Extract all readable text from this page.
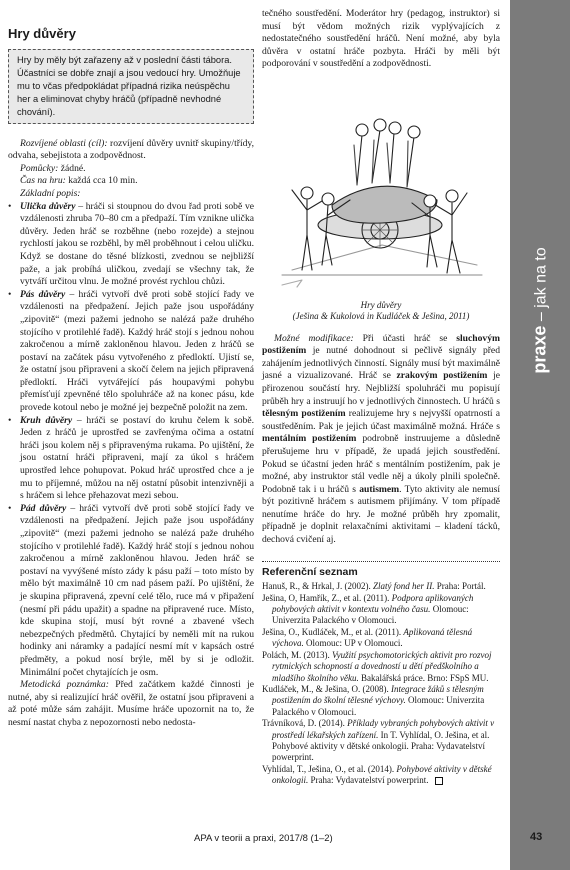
Hry důvěry
Hry by měly být zařazeny až v poslední části tábora. Účastníci se dobře znají a jsou vedoucí hry. Umožňuje mu to včas předpokládat případná rizika neúspěchu her a eliminovat chyby hráčů (případně nevhodné chování).

Rozvíjené oblasti (cíl): rozvíjení důvěry uvnitř skupiny/třídy, odvaha, sebejistota a zodpovědnost.

Pomůcky: žádné.

Čas na hru: každá cca 10 min.

Základní popis:

• Ulička důvěry – hráči si stoupnou do dvou řad proti sobě ve vzdálenosti zhruba 70–80 cm a předpaží. Tím vznikne ulička důvěry. Jeden hráč se rozběhne (nebo rozejde) a stejnou rychlostí jakou se rozběhl, by měl proběhnout i celou uličku. Když se dostane do těsné blízkosti, zvednou se nejbližší paže, a jak probíhá uličkou, zvedají se všechny tak, že vytváří určitou vlnu. Je možné provést rychlou chůzi.
• Pás důvěry – hráči vytvoří dvě proti sobě stojící řady ve vzdálenosti na předpažení. Jejich paže jsou uspořádány „zipovitě“ (mezi pažemi jednoho se nalézá paže druhého stojícího v protilehlé řadě). Každý hráč stojí s jednou nohou zakročenou a mírně zakloněnou hlavou. Jeden z hráčů se postaví na začátek pásu vytvořeného z předloktí. Ujistí se, že ostatní jsou připraveni a skočí čelem na jejich připravená předloktí. Hráči vytvářející pás houpavými pohybu přemísťují zpevněné tělo spoluhráče až na konec pásu, kde provede kotoul nebo je možné jej bezpečně položit na zem.
• Kruh důvěry – hráči se postaví do kruhu čelem k sobě. Jeden z hráčů je uprostřed se zavřenýma očima a ostatní hráči jsou kolem něj s připravenýma rukama. Po ujištění, že jsou ostatní hráči připraveni, mají za úkol s hráčem uprostřed lehce pohupovat. Pokud hráč uprostřed chce a je mu to příjemné, můžou na něj ostatní působit intenzivněji a s hráčem si lehce přehazovat mezi sebou.
• Pád důvěry – hráči vytvoří dvě proti sobě stojící řady ve vzdálenosti na předpažení. Jejich paže jsou uspořádány „zipovitě“ (mezi pažemi jednoho se nalézá paže druhého stojícího v protilehlé řadě). Každý hráč stojí s jednou nohou zakročenou a mírně zakloněnou hlavou. Jeden hráč se postaví na vyvýšené místo zády k pásu paží – toto místo by mělo být maximálně 10 cm nad pásem paží. Po ujištění, že je skupina připravená, zpevní celé tělo, ruce má v připažení (nesmí při pádu upažit) a spadne na připravené ruce. Místo, kde skupina stojí, musí být rovné a zbavené všech nebezpečných předmětů. Chytající by neměli mít na rukou hodinky ani náramky a padající nesmí mít v kapsách ostré předměty, a pokud nosí brýle, měl by si je odložit. Minimální počet chytajících je osm.

Metodická poznámka: Před začátkem každé činnosti je nutné, aby si realizující hráč ověřil, že ostatní jsou připraveni a až poté může sám zahájit. Musíme hráče upozornit na to, že nesmí nastat chyba z nepozornosti nebo nedosta-

tečného soustředění. Moderátor hry (pedagog, instruktor) si musí být vědom možných rizik vyplývajících z nedostatečného soustředění hráčů. Není možné, aby byla důvěra v ostatní hráče pozbyta. Hráči by měli být podporování v soustředění a zodpovědnosti.

Hry důvěry
(Ješina & Kukolová in Kudláček & Ješina, 2011)

Možné modifikace: Při účasti hráč se sluchovým postižením je nutné dohodnout si pečlivě signály před zahájením jednotlivých činností. Signály musí být maximálně jasné a vizualizované. Hráč se zrakovým postižením je přirozenou součástí hry. Nejbližší spoluhráči mu popisují průběh hry a instruují ho v jednotlivých činnostech. U hráčů s tělesným postižením realizujeme hry s nejvyšší opatrností a soustředěním. Pak je jejich účast maximálně možná. Hráče s mentálním postižením podrobně instruujeme a důsledně přerušujeme hru v případě, že upadá jejich soustředění. Pokud se účastní jeden hráč s mentálním postižením, pak je možné, aby instruktor stál vedle něj a úkoly plnili společně. Podobně tak i u hráčů s autismem. Tyto aktivity ale nemusí být pozitivně hráčem s autismem přijímány. V tom případě nenutíme hráče do hry. Je možné průběh hry zpomalit, případně je doplnit relaxačními aktivitami – kladení tácků, dechová cvičení aj.

Referenční seznam
Hanuš, R., & Hrkal, J. (2002). Zlatý fond her II. Praha: Portál.
Ješina, O, Hamřík, Z., et al. (2011). Podpora aplikovaných pohybových aktivit v kontextu volného času. Olomouc: Univerzita Palackého v Olomouci.
Ješina, O., Kudláček, M., et al. (2011). Aplikovaná tělesná výchova. Olomouc: UP v Olomouci.
Polách, M. (2013). Využití psychomotorických aktivit pro rozvoj rytmických schopností a dovedností u dětí předškolního a mladšího školního věku. Bakalářská práce. Brno: FSpS MU.
Kudláček, M., & Ješina, O. (2008). Integrace žáků s tělesným postižením do školní tělesné výchovy. Olomouc: Univerzita Palackého v Olomouci.
Trávníková, D. (2014). Příklady vybraných pohybových aktivit v prostředí lékařských zařízení. In T. Vyhlídal, O. Ješina, et al. Pohybové aktivity v dětské onkologii. Praha: Vydavatelství powerprint.
Vyhlídal, T., Ješina, O., et al. (2014). Pohybové aktivity v dětské onkologii. Praha: Vydavatelství powerprint.
praxe – jak na to
APA v teorii a praxi, 2017/8 (1–2)	43
